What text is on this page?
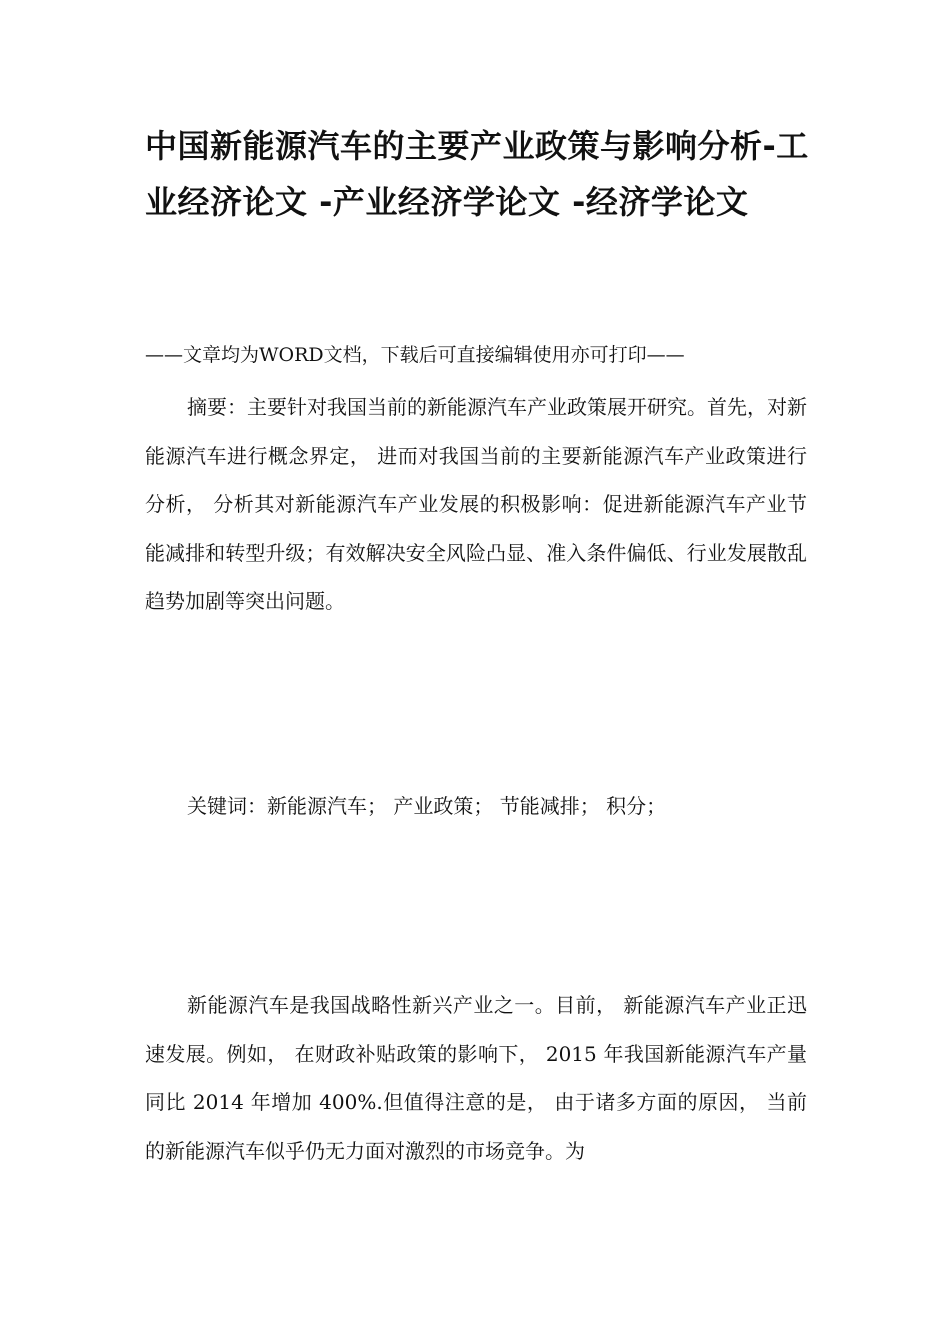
中国新能源汽车的主要产业政策与影响分析-工业经济论文 -产业经济学论文 -经济学论文

——文章均为WORD文档，下载后可直接编辑使用亦可打印——

摘要：主要针对我国当前的新能源汽车产业政策展开研究。首先，对新能源汽车进行概念界定， 进而对我国当前的主要新能源汽车产业政策进行分析， 分析其对新能源汽车产业发展的积极影响：促进新能源汽车产业节能减排和转型升级；有效解决安全风险凸显、准入条件偏低、行业发展散乱趋势加剧等突出问题。

关键词：新能源汽车； 产业政策； 节能减排； 积分；

新能源汽车是我国战略性新兴产业之一。目前， 新能源汽车产业正迅速发展。例如， 在财政补贴政策的影响下， 2015 年我国新能源汽车产量同比 2014 年增加 400%.但值得注意的是， 由于诸多方面的原因， 当前的新能源汽车似乎仍无力面对激烈的市场竞争。为
